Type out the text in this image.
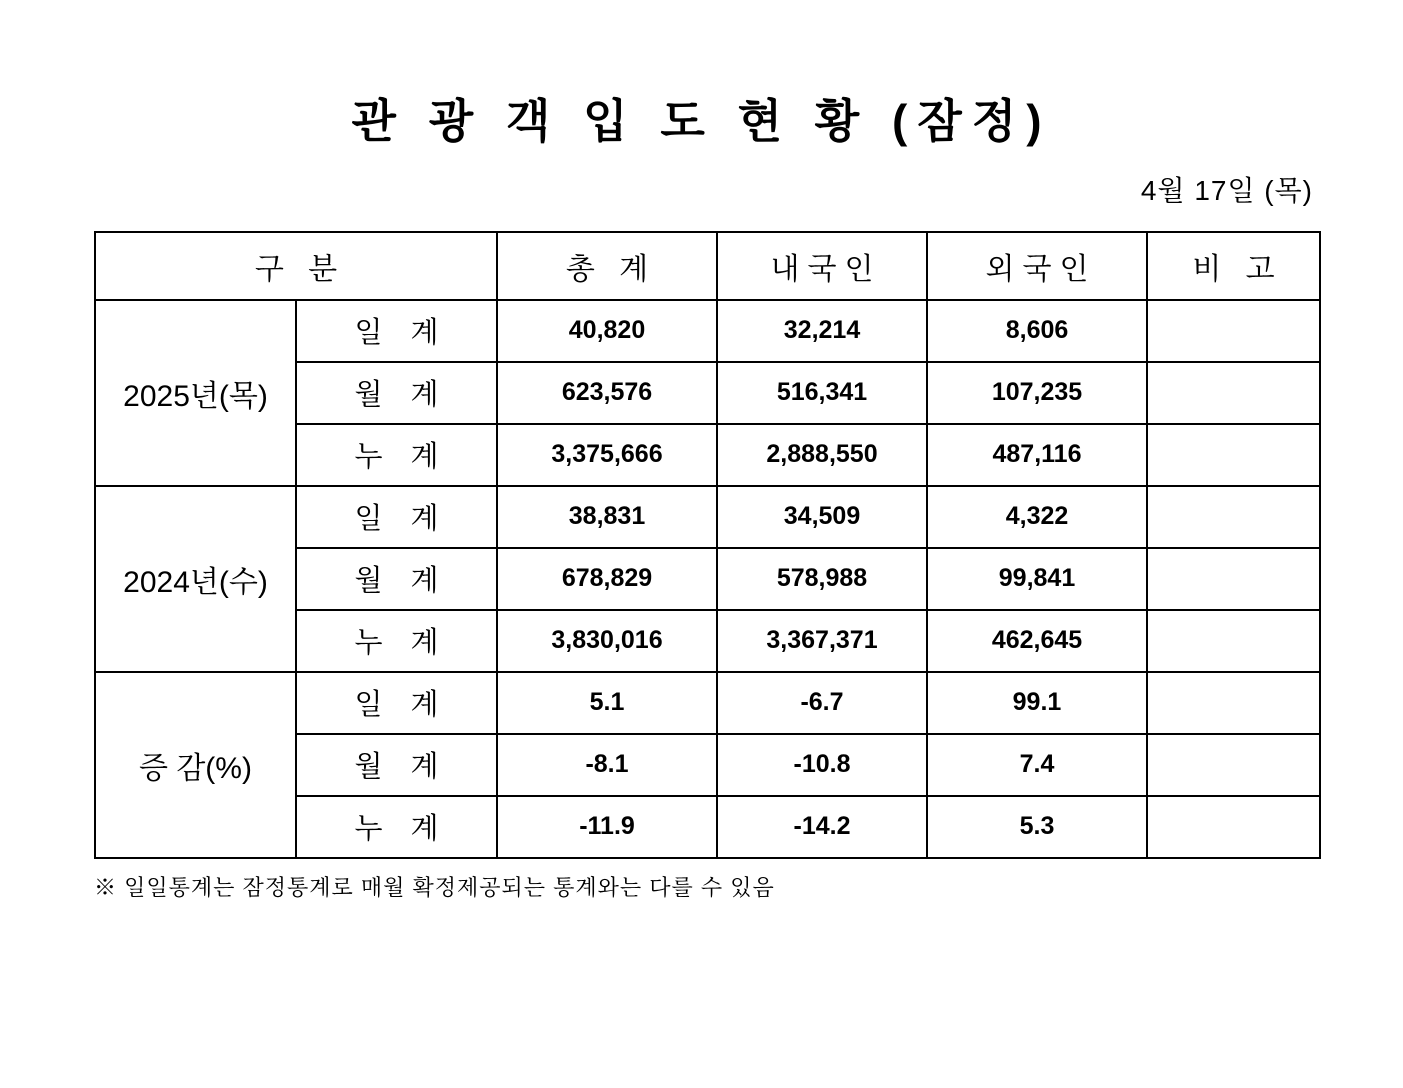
관 광 객 입 도 현 황 (잠정)
4월 17일 (목)
구 분		총 계	내국인	외국인	비 고
2025년(목)	일 계	40,820	32,214	8,606	
	월 계	623,576	516,341	107,235	
	누 계	3,375,666	2,888,550	487,116	
2024년(수)	일 계	38,831	34,509	4,322	
	월 계	678,829	578,988	99,841	
	누 계	3,830,016	3,367,371	462,645	
증 감(%)	일 계	5.1	-6.7	99.1	
	월 계	-8.1	-10.8	7.4	
	누 계	-11.9	-14.2	5.3	
※ 일일통계는 잠정통계로 매월 확정제공되는 통계와는 다를 수 있음
